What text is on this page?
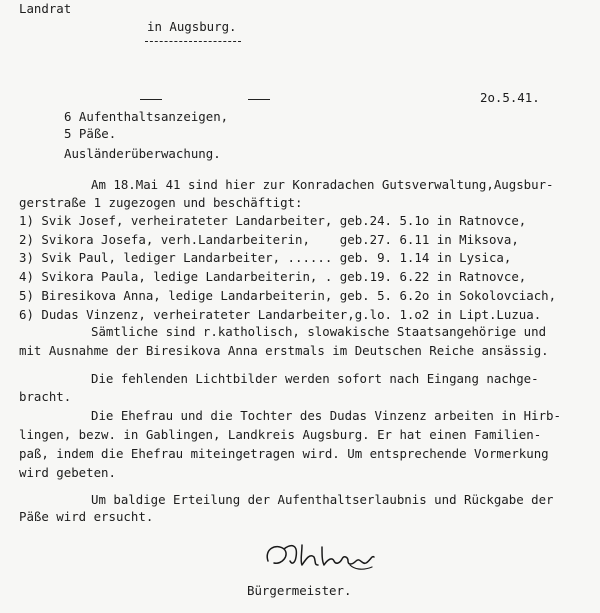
Landrat
in Augsburg.
2o.5.41.
6 Aufenthaltsanzeigen,
5 Päße.
Ausländerüberwachung.
Am 18.Mai 41 sind hier zur Konradachen Gutsverwaltung,Augsbur-
gerstraße 1 zugezogen und beschäftigt:
1) Svik Josef, verheirateter Landarbeiter, geb.24. 5.1o in Ratnovce,
2) Svikora Josefa, verh.Landarbeiterin,    geb.27. 6.11 in Miksova,
3) Svik Paul, lediger Landarbeiter, ...... geb. 9. 1.14 in Lysica,
4) Svikora Paula, ledige Landarbeiterin, . geb.19. 6.22 in Ratnovce,
5) Biresikova Anna, ledige Landarbeiterin, geb. 5. 6.2o in Sokolovciach,
6) Dudas Vinzenz, verheirateter Landarbeiter,g.lo. 1.o2 in Lipt.Luzua.
Sämtliche sind r.katholisch, slowakische Staatsangehörige und
mit Ausnahme der Biresikova Anna erstmals im Deutschen Reiche ansässig.
Die fehlenden Lichtbilder werden sofort nach Eingang nachge-
bracht.
Die Ehefrau und die Tochter des Dudas Vinzenz arbeiten in Hirb-
lingen, bezw. in Gablingen, Landkreis Augsburg. Er hat einen Familien-
paß, indem die Ehefrau miteingetragen wird. Um entsprechende Vormerkung
wird gebeten.
Um baldige Erteilung der Aufenthaltserlaubnis und Rückgabe der
Päße wird ersucht.
Bürgermeister.
